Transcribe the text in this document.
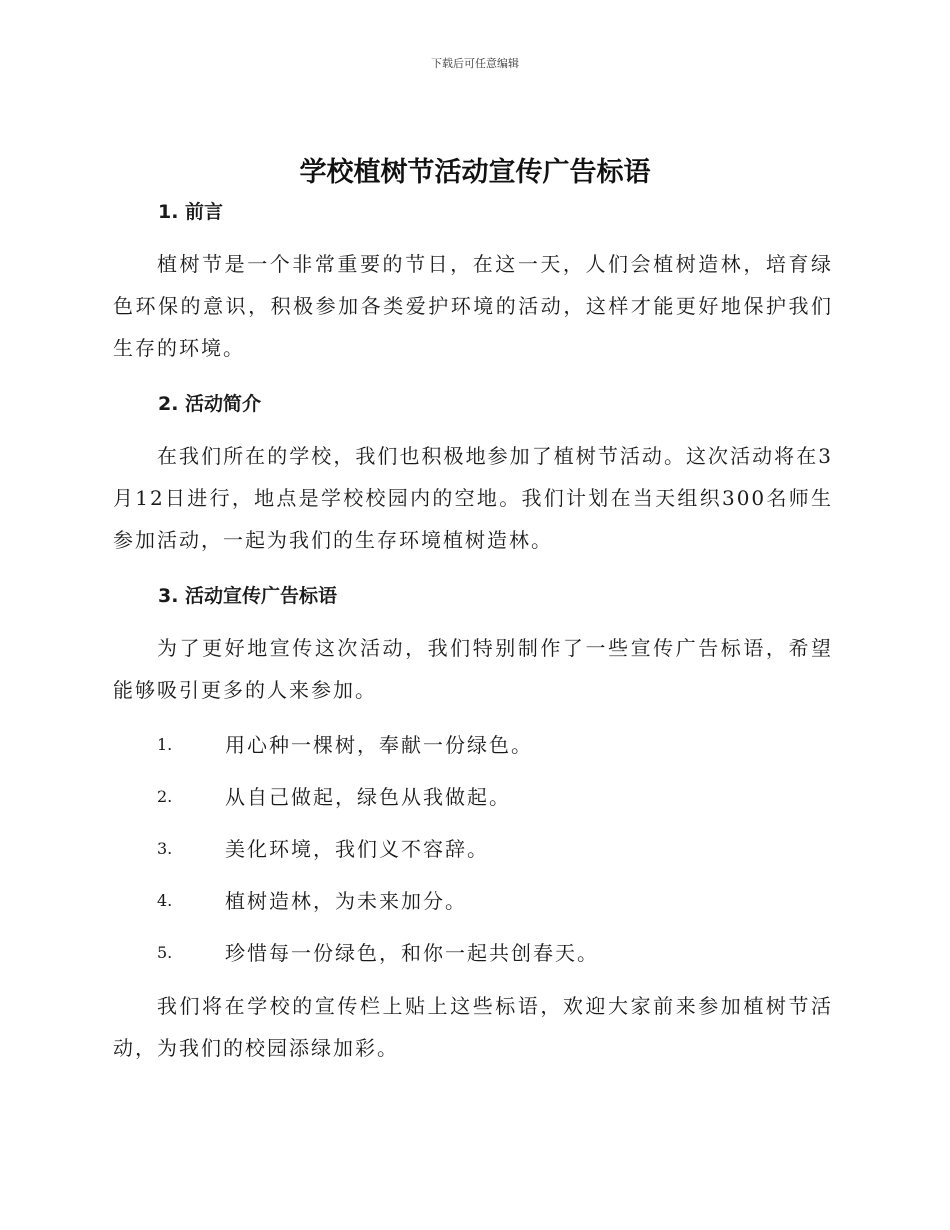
下载后可任意编辑
学校植树节活动宣传广告标语
1. 前言

植树节是一个非常重要的节日，在这一天，人们会植树造林，培育绿色环保的意识，积极参加各类爱护环境的活动，这样才能更好地保护我们生存的环境。

2. 活动简介

在我们所在的学校，我们也积极地参加了植树节活动。这次活动将在3月12日进行，地点是学校校园内的空地。我们计划在当天组织300名师生参加活动，一起为我们的生存环境植树造林。

3. 活动宣传广告标语

为了更好地宣传这次活动，我们特别制作了一些宣传广告标语，希望能够吸引更多的人来参加。

1.	用心种一棵树，奉献一份绿色。
2.	从自己做起，绿色从我做起。
3.	美化环境，我们义不容辞。
4.	植树造林，为未来加分。
5.	珍惜每一份绿色，和你一起共创春天。

我们将在学校的宣传栏上贴上这些标语，欢迎大家前来参加植树节活动，为我们的校园添绿加彩。
